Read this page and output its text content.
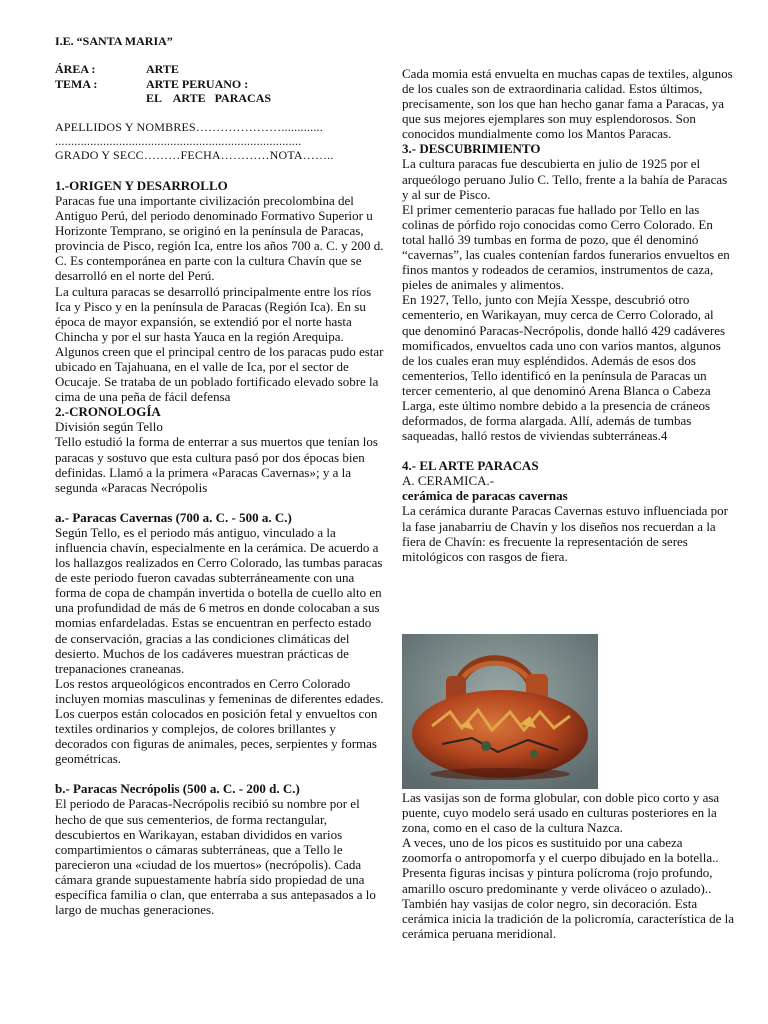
I.E. “SANTA MARIA”
ÁREA :	ARTE
TEMA :	ARTE PERUANO :
EL    ARTE   PARACAS
APELLIDOS Y NOMBRES………………….............
.............................................................................
GRADO Y SECC………FECHA…………NOTA……..

1.-ORIGEN Y DESARROLLO

Paracas fue una importante civilización precolombina del Antiguo Perú, del periodo denominado Formativo Superior u Horizonte Temprano, se originó en la península de Paracas, provincia de Pisco, región Ica, entre los años 700 a. C. y 200 d. C. Es contemporánea en parte con la cultura Chavín que se desarrolló en el norte del Perú.

La cultura paracas se desarrolló principalmente entre los ríos Ica y Pisco y en la península de Paracas (Región Ica). En su época de mayor expansión, se extendió por el norte hasta Chincha y por el sur hasta Yauca en la región Arequipa.

Algunos creen que el principal centro de los paracas pudo estar ubicado en Tajahuana, en el valle de Ica, por el sector de Ocucaje. Se trataba de un poblado fortificado elevado sobre la cima de una peña de fácil defensa

2.-CRONOLOGÍA

División según Tello

Tello estudió la forma de enterrar a sus muertos que tenían los paracas y sostuvo que esta cultura pasó por dos épocas bien definidas. Llamó a la primera «Paracas Cavernas»; y a la segunda «Paracas Necrópolis

a.- Paracas Cavernas (700 a. C. - 500 a. C.)

Según Tello, es el periodo más antiguo, vinculado a la influencia chavín, especialmente en la cerámica. De acuerdo a los hallazgos realizados en Cerro Colorado, las tumbas paracas de este periodo fueron cavadas subterráneamente con una forma de copa de champán invertida o botella de cuello alto en una profundidad de más de 6 metros en donde colocaban a sus momias enfardeladas. Estas se encuentran en perfecto estado de conservación, gracias a las condiciones climáticas del desierto. Muchos de los cadáveres muestran prácticas de trepanaciones craneanas.

Los restos arqueológicos encontrados en Cerro Colorado incluyen momias masculinas y femeninas de diferentes edades. Los cuerpos están colocados en posición fetal y envueltos con textiles ordinarios y complejos, de colores brillantes y decorados con figuras de animales, peces, serpientes y formas geométricas.

b.- Paracas Necrópolis (500 a. C. - 200 d. C.)

El periodo de Paracas-Necrópolis recibió su nombre por el hecho de que sus cementerios, de forma rectangular, descubiertos en Warikayan, estaban divididos en varios compartimientos o cámaras subterráneas, que a Tello le parecieron una «ciudad de los muertos» (necrópolis). Cada cámara grande supuestamente habría sido propiedad de una específica familia o clan, que enterraba a sus antepasados a lo largo de muchas generaciones.

Cada momia está envuelta en muchas capas de textiles, algunos de los cuales son de extraordinaria calidad. Estos últimos, precisamente, son los que han hecho ganar fama a Paracas, ya que sus mejores ejemplares son muy esplendorosos. Son conocidos mundialmente como los Mantos Paracas.

3.- DESCUBRIMIENTO

La cultura paracas fue descubierta en julio de 1925 por el arqueólogo peruano Julio C. Tello, frente a la bahía de Paracas y al sur de Pisco.

El primer cementerio paracas fue hallado por Tello en las colinas de pórfido rojo conocidas como Cerro Colorado. En total halló 39 tumbas en forma de pozo, que él denominó “cavernas”, las cuales contenían fardos funerarios envueltos en finos mantos y rodeados de ceramios, instrumentos de caza, pieles de animales y alimentos.

En 1927, Tello, junto con Mejía Xesspe, descubrió otro cementerio, en Warikayan, muy cerca de Cerro Colorado, al que denominó Paracas-Necrópolis, donde halló 429 cadáveres momificados, envueltos cada uno con varios mantos, algunos de los cuales eran muy espléndidos. Además de esos dos cementerios, Tello identificó en la península de Paracas un tercer cementerio, al que denominó Arena Blanca o Cabeza Larga, este último nombre debido a la presencia de cráneos deformados, de forma alargada. Allí, además de tumbas saqueadas, halló restos de viviendas subterráneas.4

4.- EL ARTE PARACAS

A. CERAMICA.-

cerámica de paracas cavernas

La cerámica durante Paracas Cavernas estuvo influenciada por la fase janabarriu de Chavín y los diseños nos recuerdan a la fiera de Chavín: es frecuente la representación de seres mitológicos con rasgos de fiera.

Las vasijas son de forma globular, con doble pico corto y asa puente, cuyo modelo será usado en culturas posteriores en la zona, como en el caso de la cultura Nazca.

A veces, uno de los picos es sustituido por una cabeza zoomorfa o antropomorfa y el cuerpo dibujado en la botella..

Presenta figuras incisas y pintura polícroma (rojo profundo, amarillo oscuro predominante y verde oliváceo o azulado).. También hay vasijas de color negro, sin decoración. Esta cerámica inicia la tradición de la policromía, característica de la cerámica peruana meridional.
